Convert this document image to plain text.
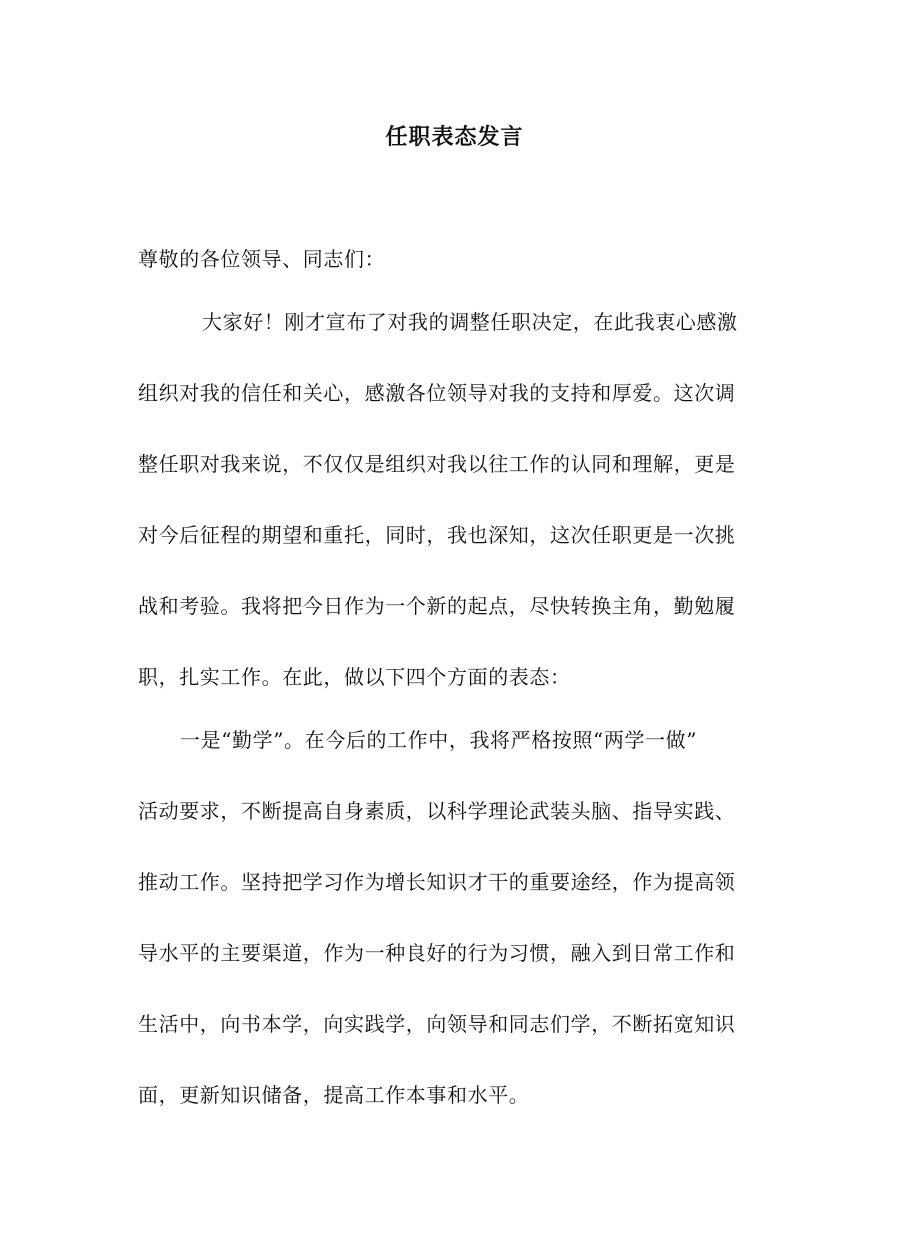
任职表态发言
尊敬的各位领导、同志们：
大家好！刚才宣布了对我的调整任职决定，在此我衷心感激
组织对我的信任和关心，感激各位领导对我的支持和厚爱。这次调
整任职对我来说，不仅仅是组织对我以往工作的认同和理解，更是
对今后征程的期望和重托，同时，我也深知，这次任职更是一次挑
战和考验。我将把今日作为一个新的起点，尽快转换主角，勤勉履
职，扎实工作。在此，做以下四个方面的表态：
一是“勤学”。在今后的工作中，我将严格按照“两学一做”
活动要求，不断提高自身素质，以科学理论武装头脑、指导实践、
推动工作。坚持把学习作为增长知识才干的重要途经，作为提高领
导水平的主要渠道，作为一种良好的行为习惯，融入到日常工作和
生活中，向书本学，向实践学，向领导和同志们学，不断拓宽知识
面，更新知识储备，提高工作本事和水平。
